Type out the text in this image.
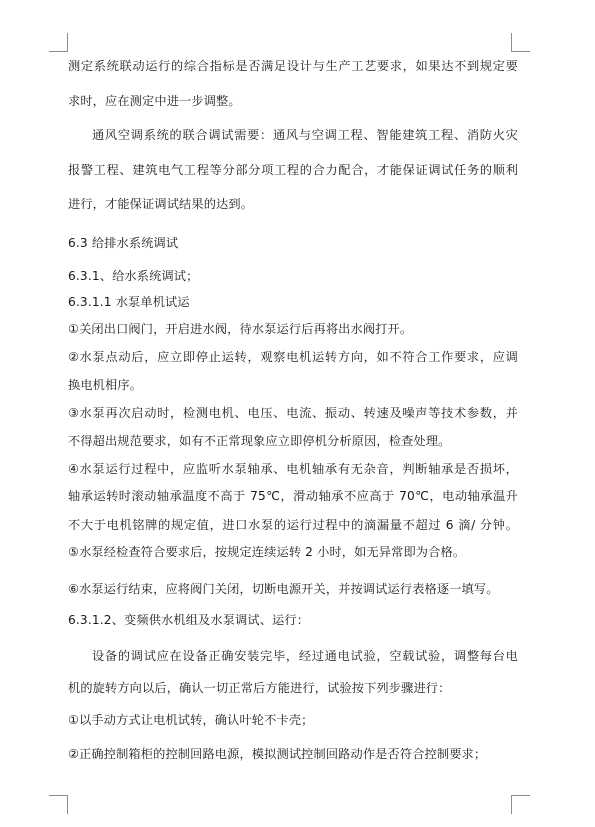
测定系统联动运行的综合指标是否满足设计与生产工艺要求，如果达不到规定要
求时，应在测定中进一步调整。
通风空调系统的联合调试需要：通风与空调工程、智能建筑工程、消防火灾
报警工程、建筑电气工程等分部分项工程的合力配合，才能保证调试任务的顺利
进行，才能保证调试结果的达到。
6.3 给排水系统调试
6.3.1、给水系统调试；
6.3.1.1 水泵单机试运
①关闭出口阀门，开启进水阀，待水泵运行后再将出水阀打开。
②水泵点动后，应立即停止运转，观察电机运转方向，如不符合工作要求，应调
换电机相序。
③水泵再次启动时，检测电机、电压、电流、振动、转速及噪声等技术参数，并
不得超出规范要求，如有不正常现象应立即停机分析原因，检查处理。
④水泵运行过程中，应监听水泵轴承、电机轴承有无杂音，判断轴承是否损坏，
轴承运转时滚动轴承温度不高于 75℃，滑动轴承不应高于 70℃，电动轴承温升
不大于电机铭牌的规定值，进口水泵的运行过程中的滴漏量不超过 6 滴/ 分钟。
⑤水泵经检查符合要求后，按规定连续运转 2 小时，如无异常即为合格。
⑥水泵运行结束，应将阀门关闭，切断电源开关，并按调试运行表格逐一填写。
6.3.1.2、变频供水机组及水泵调试、运行：
设备的调试应在设备正确安装完毕，经过通电试验，空载试验，调整每台电
机的旋转方向以后，确认一切正常后方能进行，试验按下列步骤进行：
①以手动方式让电机试转，确认叶轮不卡壳；
②正确控制箱柜的控制回路电源，模拟测试控制回路动作是否符合控制要求；
